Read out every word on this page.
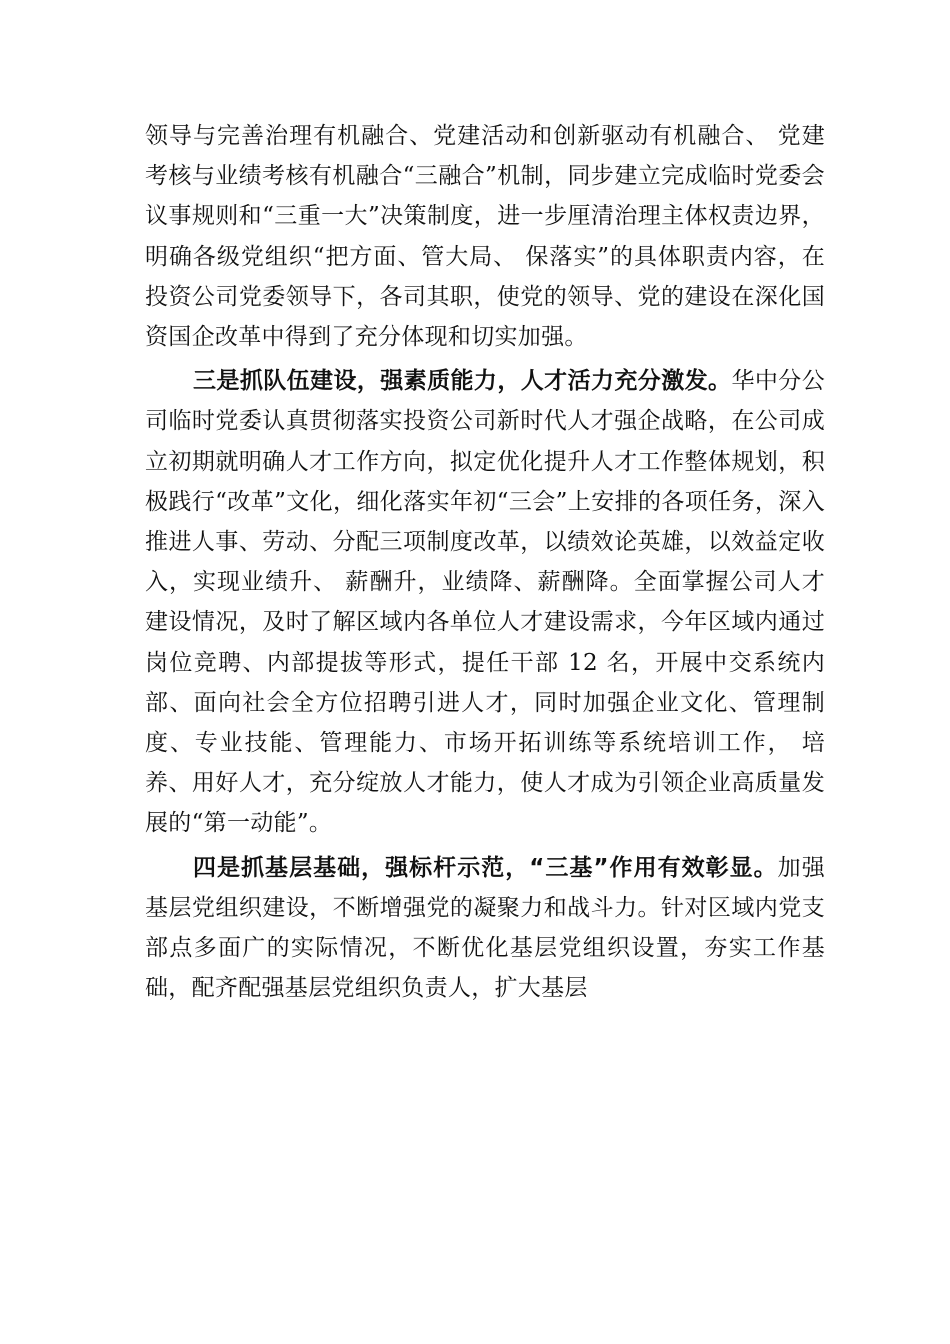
领导与完善治理有机融合、党建活动和创新驱动有机融合、 党建考核与业绩考核有机融合“三融合”机制，同步建立完成临时党委会议事规则和“三重一大”决策制度，进一步厘清治理主体权责边界，明确各级党组织“把方面、管大局、 保落实”的具体职责内容，在投资公司党委领导下，各司其职，使党的领导、党的建设在深化国资国企改革中得到了充分体现和切实加强。

三是抓队伍建设，强素质能力，人才活力充分激发。华中分公司临时党委认真贯彻落实投资公司新时代人才强企战略，在公司成立初期就明确人才工作方向，拟定优化提升人才工作整体规划，积极践行“改革”文化，细化落实年初“三会”上安排的各项任务，深入推进人事、劳动、分配三项制度改革，以绩效论英雄，以效益定收入，实现业绩升、 薪酬升，业绩降、薪酬降。全面掌握公司人才建设情况，及时了解区域内各单位人才建设需求，今年区域内通过岗位竞聘、内部提拔等形式，提任干部 12 名，开展中交系统内部、面向社会全方位招聘引进人才，同时加强企业文化、管理制度、专业技能、管理能力、市场开拓训练等系统培训工作， 培养、用好人才，充分绽放人才能力，使人才成为引领企业高质量发展的“第一动能”。

四是抓基层基础，强标杆示范，“三基”作用有效彰显。加强基层党组织建设，不断增强党的凝聚力和战斗力。针对区域内党支部点多面广的实际情况，不断优化基层党组织设置，夯实工作基础，配齐配强基层党组织负责人，扩大基层
